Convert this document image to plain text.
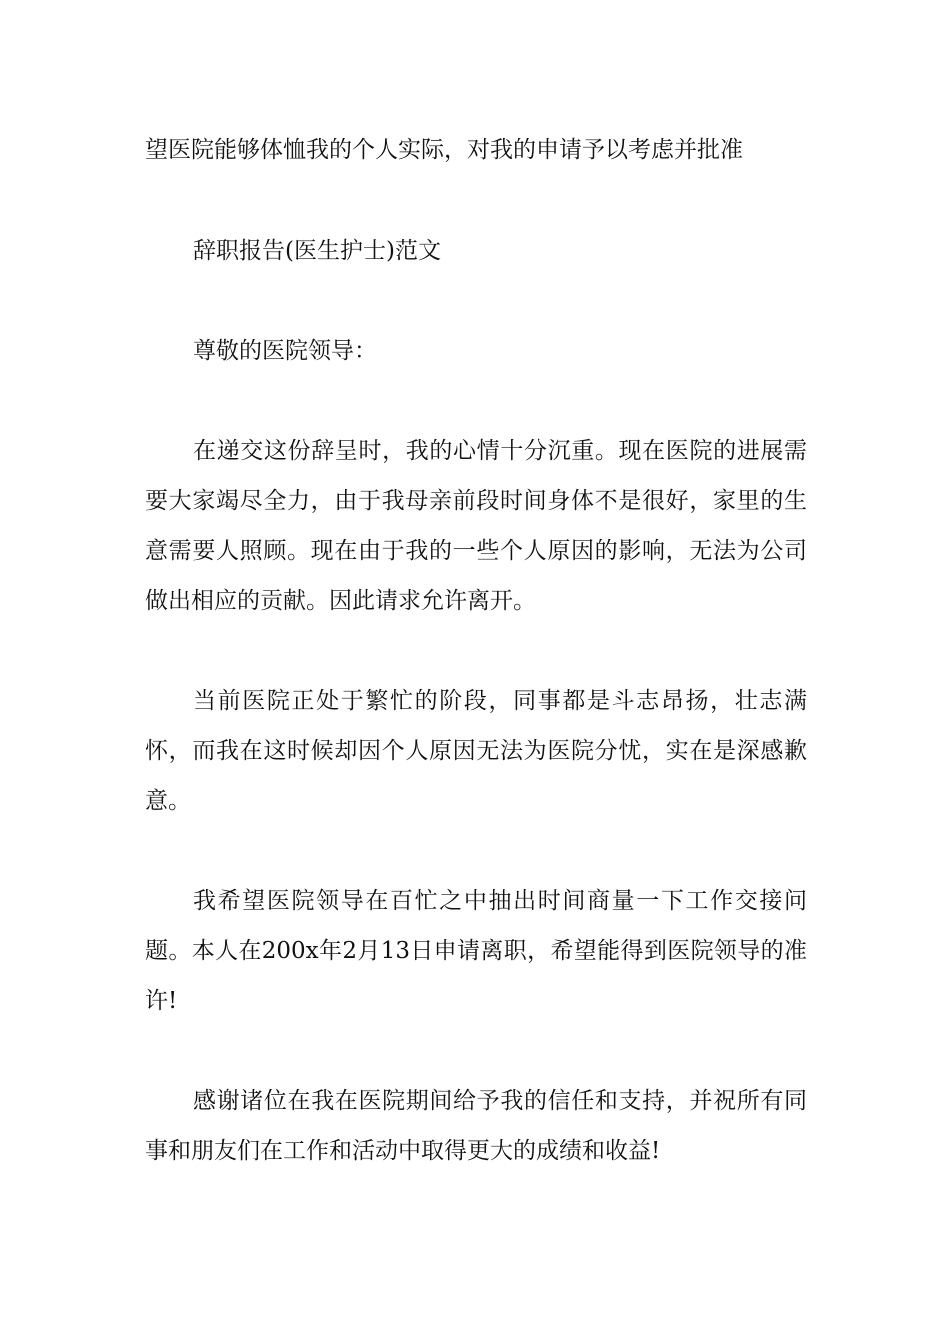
望医院能够体恤我的个人实际，对我的申请予以考虑并批准

辞职报告(医生护士)范文

尊敬的医院领导：

在递交这份辞呈时，我的心情十分沉重。现在医院的进展需要大家竭尽全力，由于我母亲前段时间身体不是很好，家里的生意需要人照顾。现在由于我的一些个人原因的影响，无法为公司做出相应的贡献。因此请求允许离开。

当前医院正处于繁忙的阶段，同事都是斗志昂扬，壮志满怀，而我在这时候却因个人原因无法为医院分忧，实在是深感歉意。

我希望医院领导在百忙之中抽出时间商量一下工作交接问题。本人在200x年2月13日申请离职，希望能得到医院领导的准许!

感谢诸位在我在医院期间给予我的信任和支持，并祝所有同事和朋友们在工作和活动中取得更大的成绩和收益!
